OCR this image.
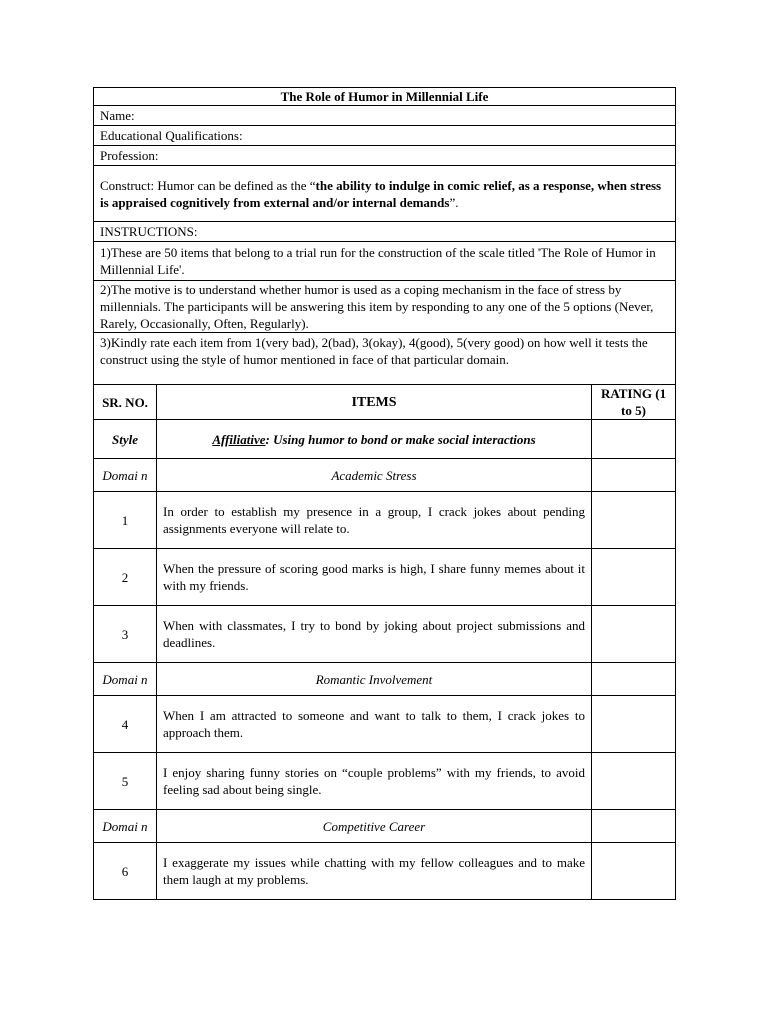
The Role of Humor in Millennial Life		
Name:		
Educational Qualifications:		
Profession:		
Construct: Humor can be defined as the “the ability to indulge in comic relief, as a response, when stress is appraised cognitively from external and/or internal demands”.		
INSTRUCTIONS:		
1)These are 50 items that belong to a trial run for the construction of the scale titled 'The Role of Humor in Millennial Life'.		
2)The motive is to understand whether humor is used as a coping mechanism in the face of stress by millennials. The participants will be answering this item by responding to any one of the 5 options (Never, Rarely, Occasionally, Often, Regularly).		
3)Kindly rate each item from 1(very bad), 2(bad), 3(okay), 4(good), 5(very good) on how well it tests the construct using the style of humor mentioned in face of that particular domain.		
SR. NO.	ITEMS	RATING (1 to 5)
Style	Affiliative: Using humor to bond or make social interactions	
Domai n	Academic Stress	
1	In order to establish my presence in a group, I crack jokes about pending assignments everyone will relate to.	
2	When the pressure of scoring good marks is high, I share funny memes about it with my friends.	
3	When with classmates, I try to bond by joking about project submissions and deadlines.	
Domai n	Romantic Involvement	
4	When I am attracted to someone and want to talk to them, I crack jokes to approach them.	
5	I enjoy sharing funny stories on “couple problems” with my friends, to avoid feeling sad about being single.	
Domai n	Competitive Career	
6	I exaggerate my issues while chatting with my fellow colleagues and to make them laugh at my problems.	
